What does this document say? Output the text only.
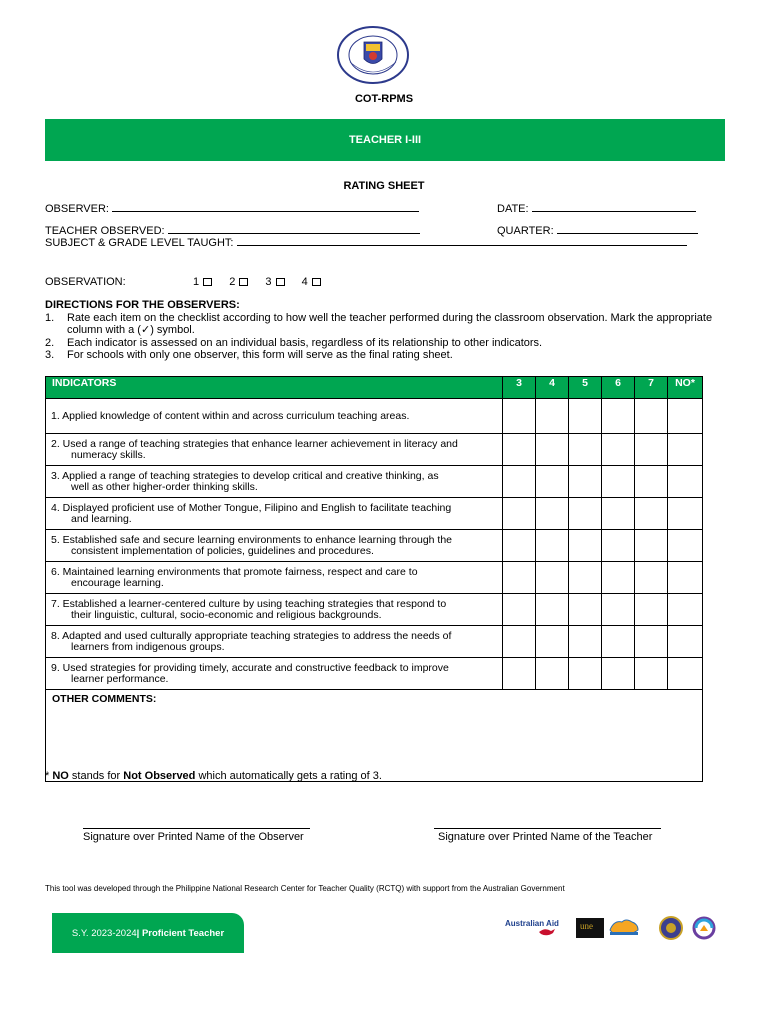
COT-RPMS
TEACHER I-III
RATING SHEET
OBSERVER:	DATE:
TEACHER OBSERVED:	QUARTER:
SUBJECT & GRADE LEVEL TAUGHT:
OBSERVATION:	1	2	3	4
DIRECTIONS FOR THE OBSERVERS:
1. Rate each item on the checklist according to how well the teacher performed during the classroom observation. Mark the appropriate column with a (✓) symbol.
2. Each indicator is assessed on an individual basis, regardless of its relationship to other indicators.
3. For schools with only one observer, this form will serve as the final rating sheet.
INDICATORS	3	4	5	6	7	NO*
1. Applied knowledge of content within and across curriculum teaching areas.

2. Used a range of teaching strategies that enhance learner achievement in literacy and
numeracy skills.						

3. Applied a range of teaching strategies to develop critical and creative thinking, as
well as other higher-order thinking skills.						

4. Displayed proficient use of Mother Tongue, Filipino and English to facilitate teaching
and learning.						

5. Established safe and secure learning environments to enhance learning through the
consistent implementation of policies, guidelines and procedures.						

6. Maintained learning environments that promote fairness, respect and care to
encourage learning.						

7. Established a learner-centered culture by using teaching strategies that respond to
their linguistic, cultural, socio-economic and religious backgrounds.						

8. Adapted and used culturally appropriate teaching strategies to address the needs of
learners from indigenous groups.						

9. Used strategies for providing timely, accurate and constructive feedback to improve
learner performance.						

OTHER COMMENTS:						
* NO stands for Not Observed which automatically gets a rating of 3.
Signature over Printed Name of the Observer	Signature over Printed Name of the Teacher
This tool was developed through the Philippine National Research Center for Teacher Quality (RCTQ) with support from the Australian Government
S.Y. 2023-2024 | Proficient Teacher
Australian Aid une
